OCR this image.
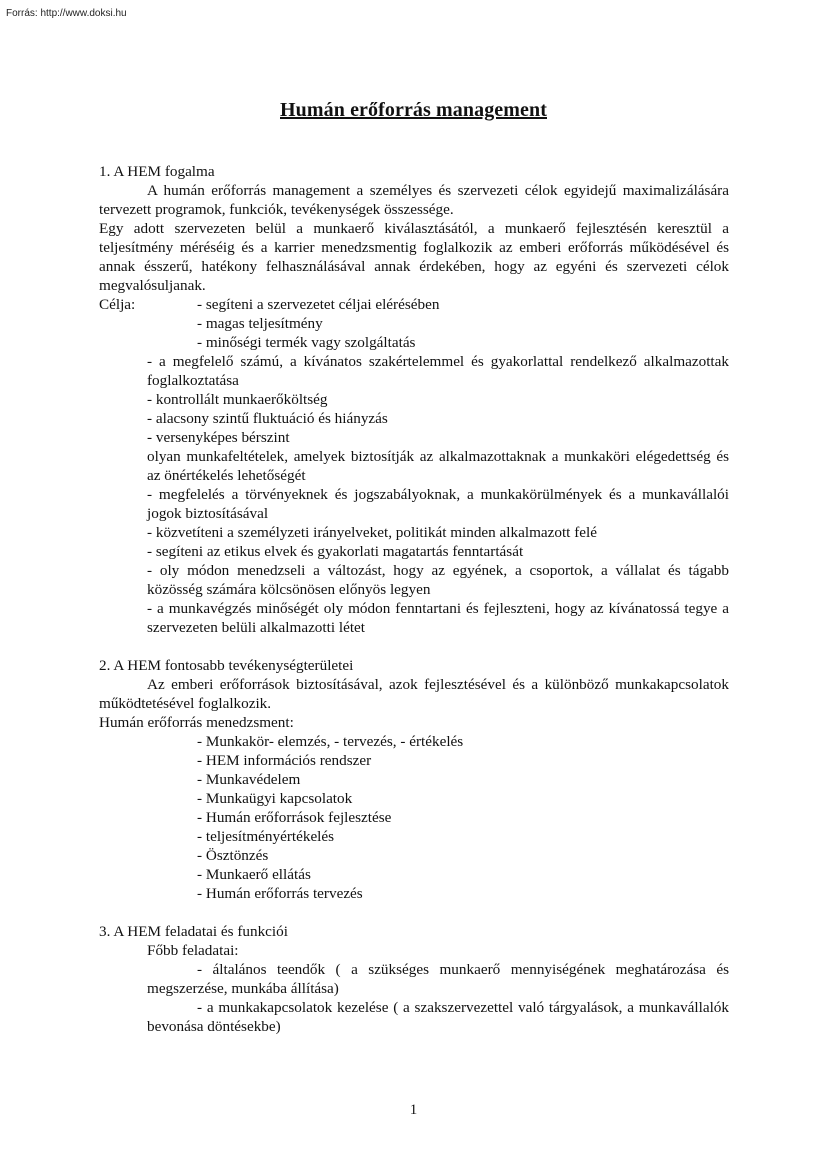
Forrás: http://www.doksi.hu
Humán erőforrás management

1. A HEM fogalma

A humán erőforrás management a személyes és szervezeti célok egyidejű maximalizálására tervezett programok, funkciók, tevékenységek összessége.

Egy adott szervezeten belül a munkaerő kiválasztásától, a munkaerő fejlesztésén keresztül a teljesítmény méréséig és a karrier menedzsmentig foglalkozik az emberi erőforrás működésével és annak ésszerű, hatékony felhasználásával annak érdekében, hogy az egyéni és szervezeti célok megvalósuljanak.

Célja:	- segíteni a szervezetet céljai elérésében

- magas teljesítmény

- minőségi termék vagy szolgáltatás

- a megfelelő számú, a kívánatos szakértelemmel és gyakorlattal rendelkező alkalmazottak foglalkoztatása

- kontrollált munkaerőköltség

- alacsony szintű fluktuáció és hiányzás

- versenyképes bérszint

olyan munkafeltételek, amelyek biztosítják az alkalmazottaknak a munkaköri elégedettség és az önértékelés lehetőségét

- megfelelés a törvényeknek és jogszabályoknak, a munkakörülmények és a munkavállalói jogok biztosításával

- közvetíteni a személyzeti irányelveket, politikát minden alkalmazott felé

- segíteni az etikus elvek és gyakorlati magatartás fenntartását

- oly módon menedzseli a változást, hogy az egyének, a csoportok, a vállalat és tágabb közösség számára kölcsönösen előnyös legyen

- a munkavégzés minőségét oly módon fenntartani és fejleszteni, hogy az kívánatossá tegye a szervezeten belüli alkalmazotti létet

2. A HEM fontosabb tevékenységterületei

Az emberi erőforrások biztosításával, azok fejlesztésével és a különböző munkakapcsolatok működtetésével foglalkozik.

Humán erőforrás menedzsment:

- Munkakör- elemzés, - tervezés, - értékelés

- HEM információs rendszer

- Munkavédelem

- Munkaügyi kapcsolatok

- Humán erőforrások fejlesztése

- teljesítményértékelés

- Ösztönzés

- Munkaerő ellátás

- Humán erőforrás tervezés

3. A HEM feladatai és funkciói

Főbb feladatai:

- általános teendők ( a szükséges munkaerő mennyiségének meghatározása és megszerzése, munkába állítása)

- a munkakapcsolatok kezelése ( a szakszervezettel való tárgyalások, a munkavállalók bevonása döntésekbe)

1
